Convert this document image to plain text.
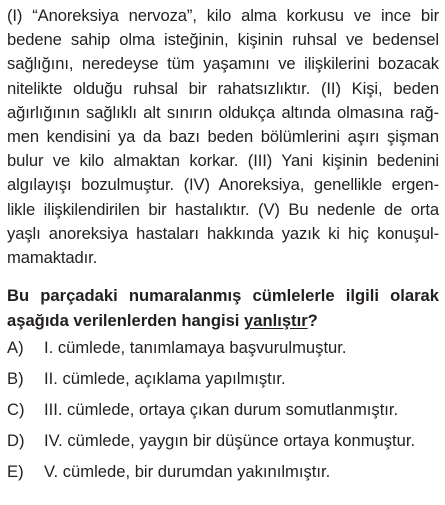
(I) “Anoreksiya nervoza”, kilo alma korkusu ve ince bir
bedene sahip olma isteğinin, kişinin ruhsal ve bedensel
sağlığını, neredeyse tüm yaşamını ve ilişkilerini bozacak
nitelikte olduğu ruhsal bir rahatsızlıktır. (II) Kişi, beden
ağırlığının sağlıklı alt sınırın oldukça altında olmasına rağ-
men kendisini ya da bazı beden bölümlerini aşırı şişman
bulur ve kilo almaktan korkar. (III) Yani kişinin bedenini
algılayışı bozulmuştur. (IV) Anoreksiya, genellikle ergen-
likle ilişkilendirilen bir hastalıktır. (V) Bu nedenle de orta
yaşlı anoreksiya hastaları hakkında yazık ki hiç konuşul-
mamaktadır.
Bu parçadaki numaralanmış cümlelerle ilgili olarak
aşağıda verilenlerden hangisi yanlıştır?
A)	I. cümlede, tanımlamaya başvurulmuştur.
B)	II. cümlede, açıklama yapılmıştır.
C)	III. cümlede, ortaya çıkan durum somutlanmıştır.
D)	IV. cümlede, yaygın bir düşünce ortaya konmuştur.
E)	V. cümlede, bir durumdan yakınılmıştır.
